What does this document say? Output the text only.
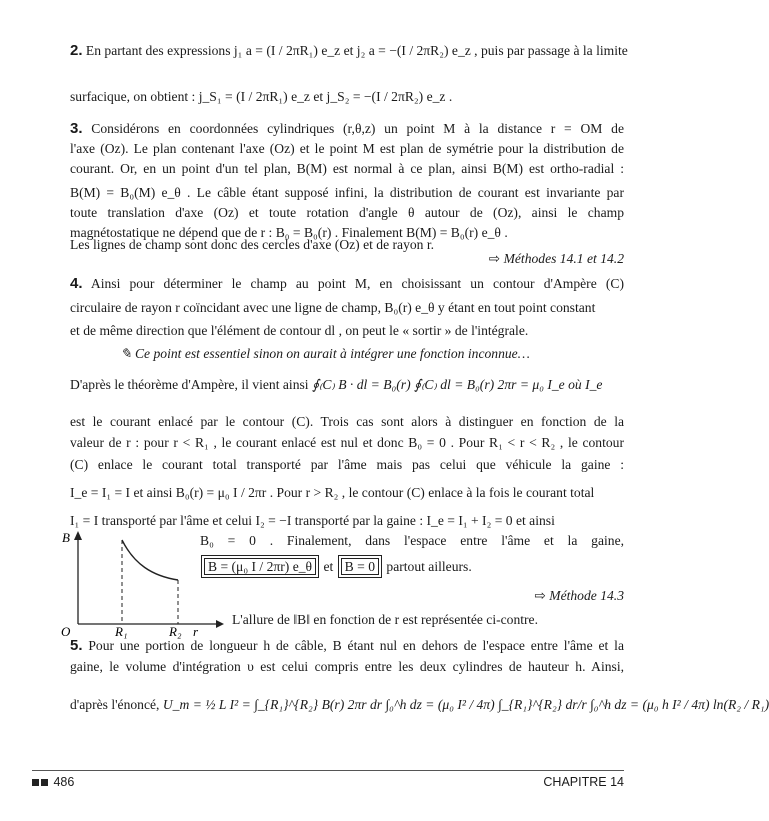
2. En partant des expressions j₁ a = (I / 2πR₁) e_z et j₂ a = −(I / 2πR₂) e_z , puis par passage à la limite
surfacique, on obtient : j_S₁ = (I / 2πR₁) e_z et j_S₂ = −(I / 2πR₂) e_z .
3. Considérons en coordonnées cylindriques (r,θ,z) un point M à la distance r = OM de
l'axe (Oz). Le plan contenant l'axe (Oz) et le point M est plan de symétrie pour la distribution de
courant. Or, en un point d'un tel plan, B(M) est normal à ce plan, ainsi B(M) est ortho-radial :
B(M) = B₀(M) e_θ . Le câble étant supposé infini, la distribution de courant est invariante par
toute translation d'axe (Oz) et toute rotation d'angle θ autour de (Oz), ainsi le champ
magnétostatique ne dépend que de r : B₀ = B₀(r) . Finalement B(M) = B₀(r) e_θ .
Les lignes de champ sont donc des cercles d'axe (Oz) et de rayon r.
⇨ Méthodes 14.1 et 14.2
4. Ainsi pour déterminer le champ au point M, en choisissant un contour d'Ampère (C)
circulaire de rayon r coïncidant avec une ligne de champ, B₀(r) e_θ y étant en tout point constant
et de même direction que l'élément de contour dl , on peut le « sortir » de l'intégrale.
✎ Ce point est essentiel sinon on aurait à intégrer une fonction inconnue…
D'après le théorème d'Ampère, il vient ainsi ∮₍C₎ B · dl = B₀(r) ∮₍C₎ dl = B₀(r) 2πr = μ₀ I_e où I_e
est le courant enlacé par le contour (C). Trois cas sont alors à distinguer en fonction de la
valeur de r : pour r < R₁ , le courant enlacé est nul et donc B₀ = 0 . Pour R₁ < r < R₂ , le contour
(C) enlace le courant total transporté par l'âme mais pas celui que véhicule la gaine :
I_e = I₁ = I et ainsi B₀(r) = μ₀ I / 2πr . Pour r > R₂ , le contour (C) enlace à la fois le courant total
I₁ = I transporté par l'âme et celui I₂ = −I transporté par la gaine : I_e = I₁ + I₂ = 0 et ainsi
B₀ = 0 . Finalement, dans l'espace entre l'âme et la gaine,
B = (μ₀ I / 2πr) e_θ et B = 0 partout ailleurs.
⇨ Méthode 14.3
L'allure de ‖B‖ en fonction de r est représentée ci-contre.
B
O	R₁	R₂ r
5. Pour une portion de longueur h de câble, B étant nul en dehors de l'espace entre l'âme et la
gaine, le volume d'intégration υ est celui compris entre les deux cylindres de hauteur h. Ainsi,
d'après l'énoncé, U_m = ½ L I² = ∫_{R₁}^{R₂} B(r) 2πr dr ∫₀^h dz = (μ₀ I² / 4π) ∫_{R₁}^{R₂} dr/r ∫₀^h dz = (μ₀ h I² / 4π) ln(R₂ / R₁)
486	CHAPITRE 14
